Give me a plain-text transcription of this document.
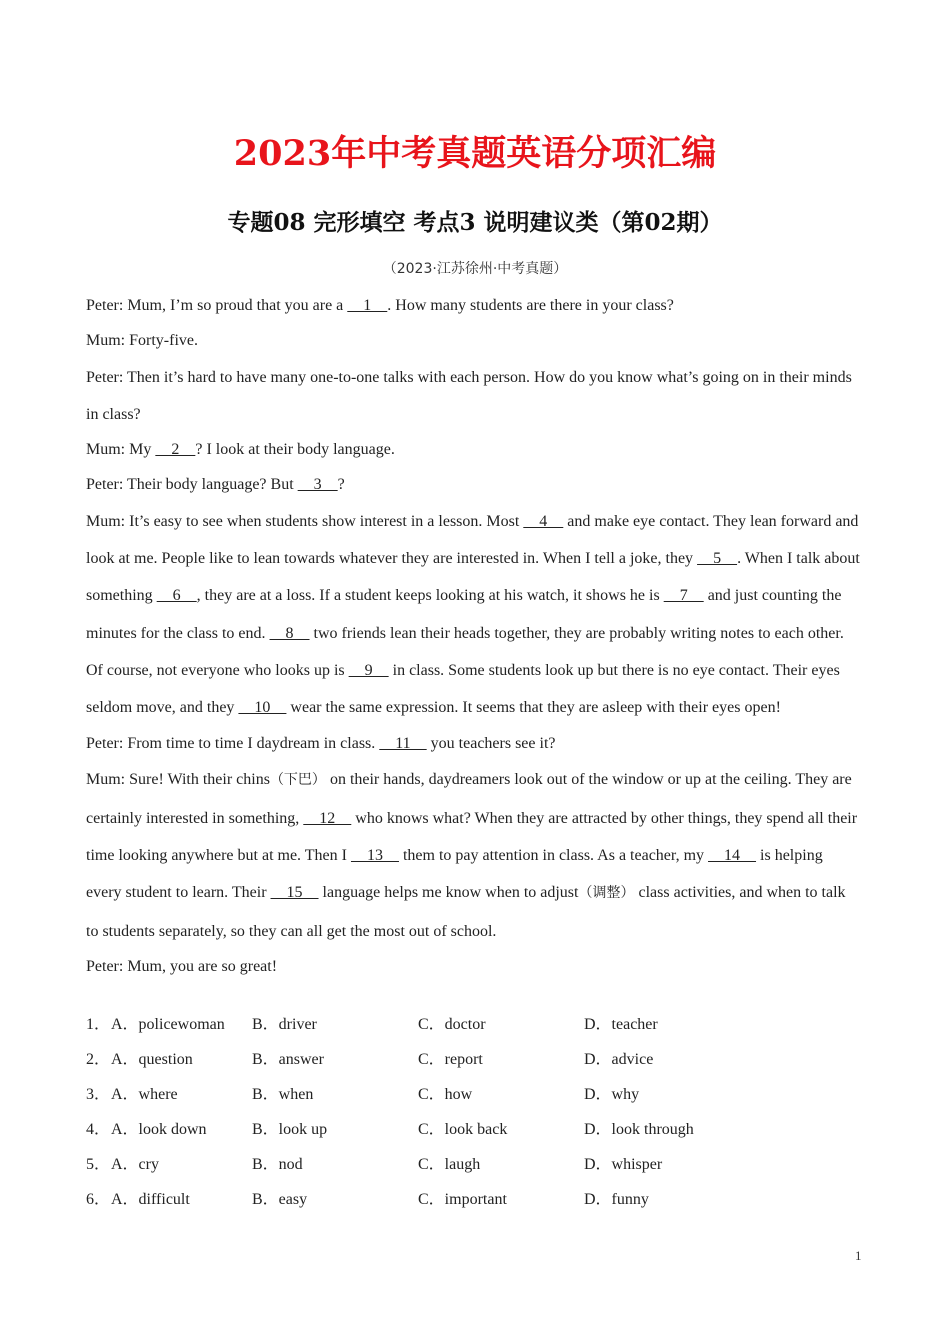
2023年中考真题英语分项汇编
专题08 完形填空 考点3 说明建议类（第02期）
（2023·江苏徐州·中考真题）

Peter: Mum, I’m so proud that you are a     1    . How many students are there in your class?

Mum: Forty-five.

Peter: Then it’s hard to have many one-to-one talks with each person. How do you know what’s going on in their minds in class?

Mum: My     2    ? I look at their body language.

Peter: Their body language? But     3    ?

Mum: It’s easy to see when students show interest in a lesson. Most     4     and make eye contact. They lean forward and look at me. People like to lean towards whatever they are interested in. When I tell a joke, they     5    . When I talk about something     6    , they are at a loss. If a student keeps looking at his watch, it shows he is     7     and just counting the minutes for the class to end.     8     two friends lean their heads together, they are probably writing notes to each other. Of course, not everyone who looks up is     9     in class. Some students look up but there is no eye contact. Their eyes seldom move, and they     10     wear the same expression. It seems that they are asleep with their eyes open!

Peter: From time to time I daydream in class.     11     you teachers see it?

Mum: Sure! With their chins（下巴） on their hands, daydreamers look out of the window or up at the ceiling. They are certainly interested in something,     12     who knows what? When they are attracted by other things, they spend all their time looking anywhere but at me. Then I     13     them to pay attention in class. As a teacher, my     14     is helping every student to learn. Their     15     language helps me know when to adjust（调整） class activities, and when to talk to students separately, so they can all get the most out of school.

Peter: Mum, you are so great!

1． A．policewoman	B．driver	C．doctor	D．teacher
2． A．question	B．answer	C．report	D．advice
3． A．where	B．when	C．how	D．why
4． A．look down	B．look up	C．look back	D．look through
5． A．cry	B．nod	C．laugh	D．whisper
6． A．difficult	B．easy	C．important	D．funny
1
